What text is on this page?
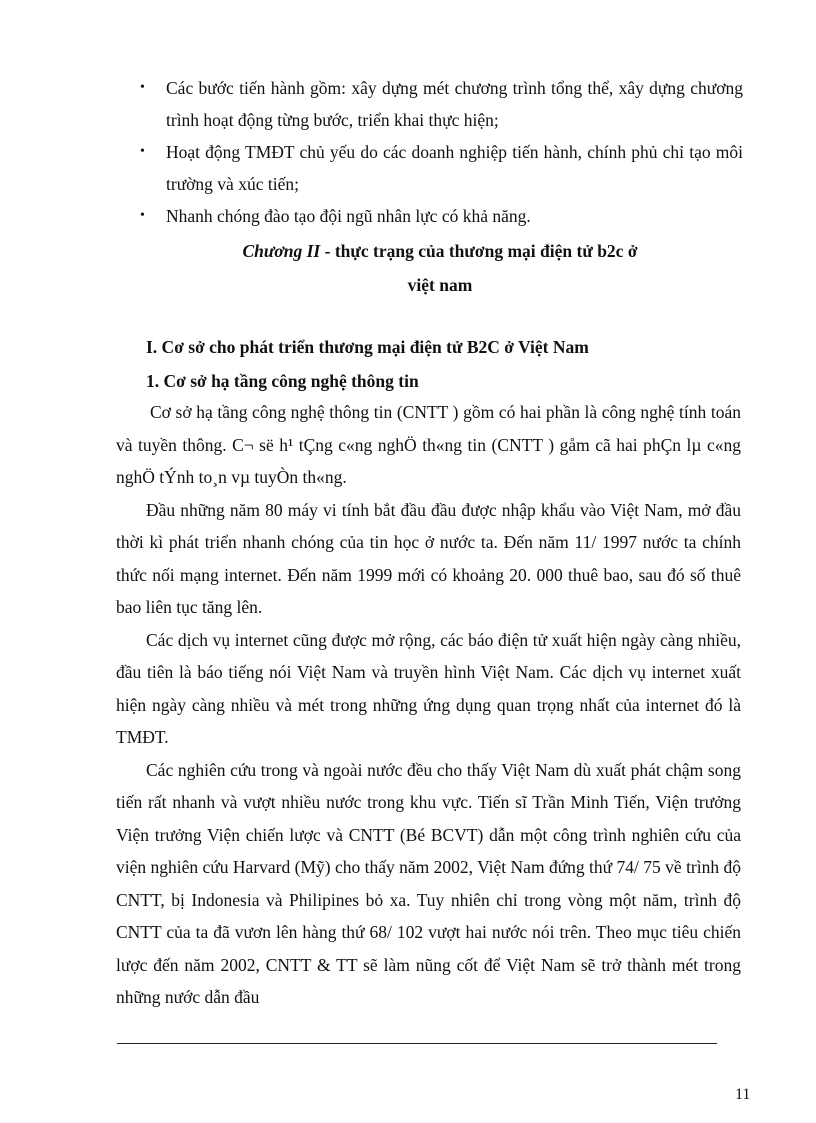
• Các bước tiến hành gồm: xây dựng mét chương trình tổng thể, xây dựng chương trình hoạt động từng bước, triển khai thực hiện;
• Hoạt động TMĐT chủ yếu do các doanh nghiệp tiến hành, chính phủ chỉ tạo môi trường và xúc tiến;
• Nhanh chóng đào tạo đội ngũ nhân lực có khả năng.
Chương II - thực trạng của thương mại điện tử b2c ở
việt nam
I. Cơ sở cho phát triển thương mại điện tử B2C ở Việt Nam
1. Cơ sở hạ tầng công nghệ thông tin

Cơ sở hạ tầng công nghệ thông tin (CNTT ) gồm có hai phần là công nghệ tính toán và tuyền thông. C¬ së h¹ tÇng c«ng nghÖ th«ng tin (CNTT ) gåm cã hai phÇn lµ c«ng nghÖ tÝnh to¸n vµ tuyÒn th«ng.

Đầu những năm 80 máy vi tính bắt đầu đầu được nhập khẩu vào Việt Nam, mở đầu thời kì phát triển nhanh chóng của tin học ở nước ta. Đến năm 11/ 1997 nước ta chính thức nối mạng internet. Đến năm 1999 mới có khoảng 20. 000 thuê bao, sau đó số thuê bao liên tục tăng lên.

Các dịch vụ internet cũng được mở rộng, các báo điện tử xuất hiện ngày càng nhiều, đầu tiên là báo tiếng nói Việt Nam và truyền hình Việt Nam. Các dịch vụ internet xuất hiện ngày càng nhiều và mét trong những ứng dụng quan trọng nhất của internet đó là TMĐT.

Các nghiên cứu trong và ngoài nước đều cho thấy Việt Nam dù xuất phát chậm song tiến rất nhanh và vượt nhiều nước trong khu vực. Tiến sĩ Trần Minh Tiến, Viện trưởng Viện trưởng Viện chiến lược và CNTT (Bé BCVT) dẫn một công trình nghiên cứu của viện nghiên cứu Harvard (Mỹ) cho thấy năm 2002, Việt Nam đứng thứ 74/ 75 về trình độ CNTT, bị Indonesia và Philipines bỏ xa. Tuy nhiên chỉ trong vòng một năm, trình độ CNTT của ta đã vươn lên hàng thứ 68/ 102 vượt hai nước nói trên. Theo mục tiêu chiến lược đến năm 2002, CNTT & TT sẽ làm nũng cốt để Việt Nam sẽ trở thành mét trong những nước dẫn đầu

11
